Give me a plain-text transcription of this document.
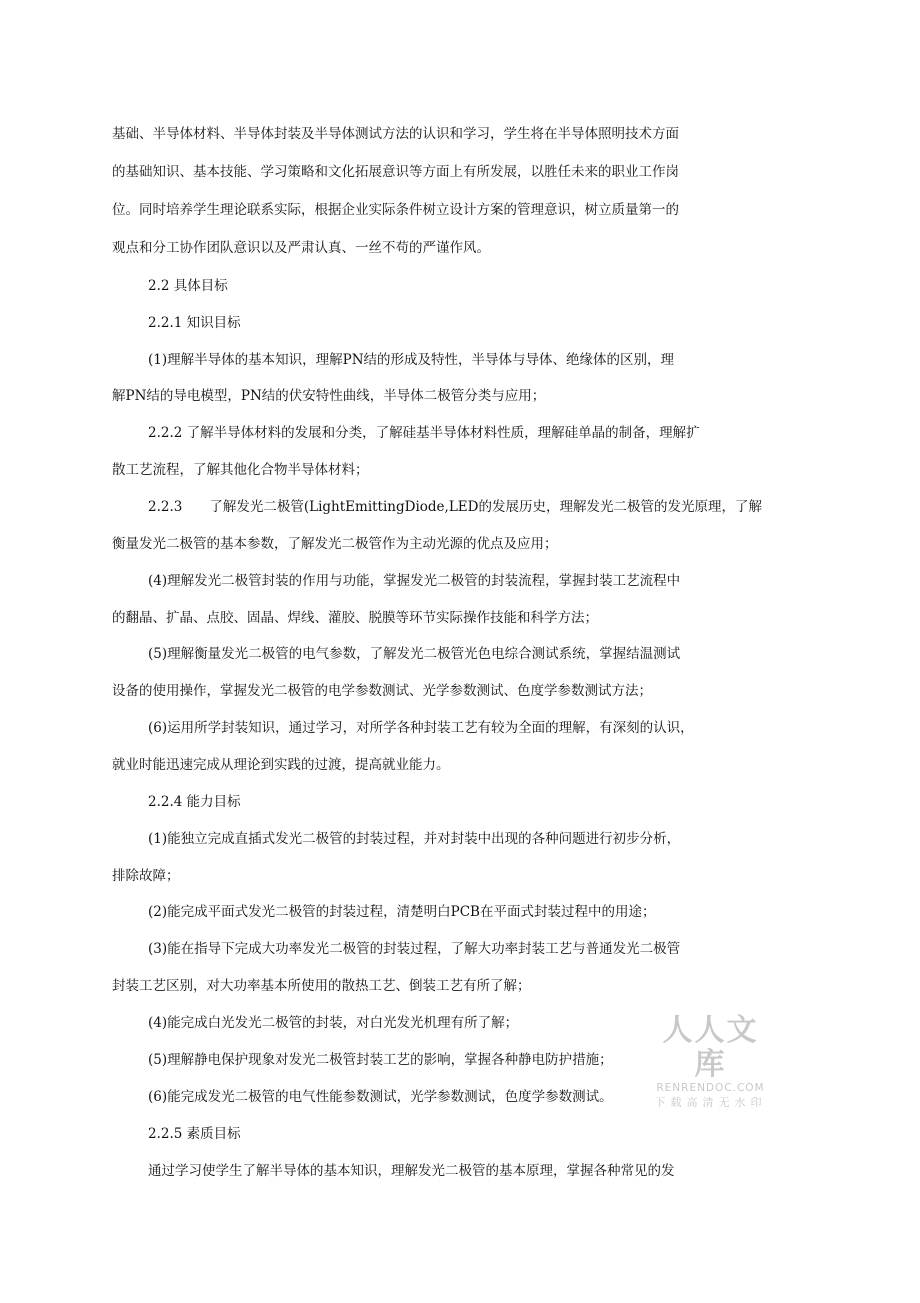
基础、半导体材料、半导体封装及半导体测试方法的认识和学习，学生将在半导体照明技术方面

的基础知识、基本技能、学习策略和文化拓展意识等方面上有所发展，以胜任未来的职业工作岗

位。同时培养学生理论联系实际，根据企业实际条件树立设计方案的管理意识，树立质量第一的

观点和分工协作团队意识以及严肃认真、一丝不苟的严谨作风。

2.2 具体目标

2.2.1 知识目标

(1)理解半导体的基本知识，理解PN结的形成及特性，半导体与导体、绝缘体的区别，理

解PN结的导电模型，PN结的伏安特性曲线，半导体二极管分类与应用；

2.2.2 了解半导体材料的发展和分类，了解硅基半导体材料性质，理解硅单晶的制备，理解扩

散工艺流程，了解其他化合物半导体材料；

2.2.3　　了解发光二极管(LightEmittingDiode,LED的发展历史，理解发光二极管的发光原理，了解

衡量发光二极管的基本参数，了解发光二极管作为主动光源的优点及应用；

(4)理解发光二极管封装的作用与功能，掌握发光二极管的封装流程，掌握封装工艺流程中

的翻晶、扩晶、点胶、固晶、焊线、灌胶、脱膜等环节实际操作技能和科学方法；

(5)理解衡量发光二极管的电气参数，了解发光二极管光色电综合测试系统，掌握结温测试

设备的使用操作，掌握发光二极管的电学参数测试、光学参数测试、色度学参数测试方法；

(6)运用所学封装知识，通过学习，对所学各种封装工艺有较为全面的理解，有深刻的认识，

就业时能迅速完成从理论到实践的过渡，提高就业能力。

2.2.4 能力目标

(1)能独立完成直插式发光二极管的封装过程，并对封装中出现的各种问题进行初步分析，

排除故障；

(2)能完成平面式发光二极管的封装过程，清楚明白PCB在平面式封装过程中的用途；

(3)能在指导下完成大功率发光二极管的封装过程，了解大功率封装工艺与普通发光二极管

封装工艺区别，对大功率基本所使用的散热工艺、倒装工艺有所了解；

(4)能完成白光发光二极管的封装，对白光发光机理有所了解；

(5)理解静电保护现象对发光二极管封装工艺的影响，掌握各种静电防护措施；

(6)能完成发光二极管的电气性能参数测试，光学参数测试，色度学参数测试。

2.2.5 素质目标

通过学习使学生了解半导体的基本知识，理解发光二极管的基本原理，掌握各种常见的发

人人文库
RENRENDOC.COM
下载高清无水印
